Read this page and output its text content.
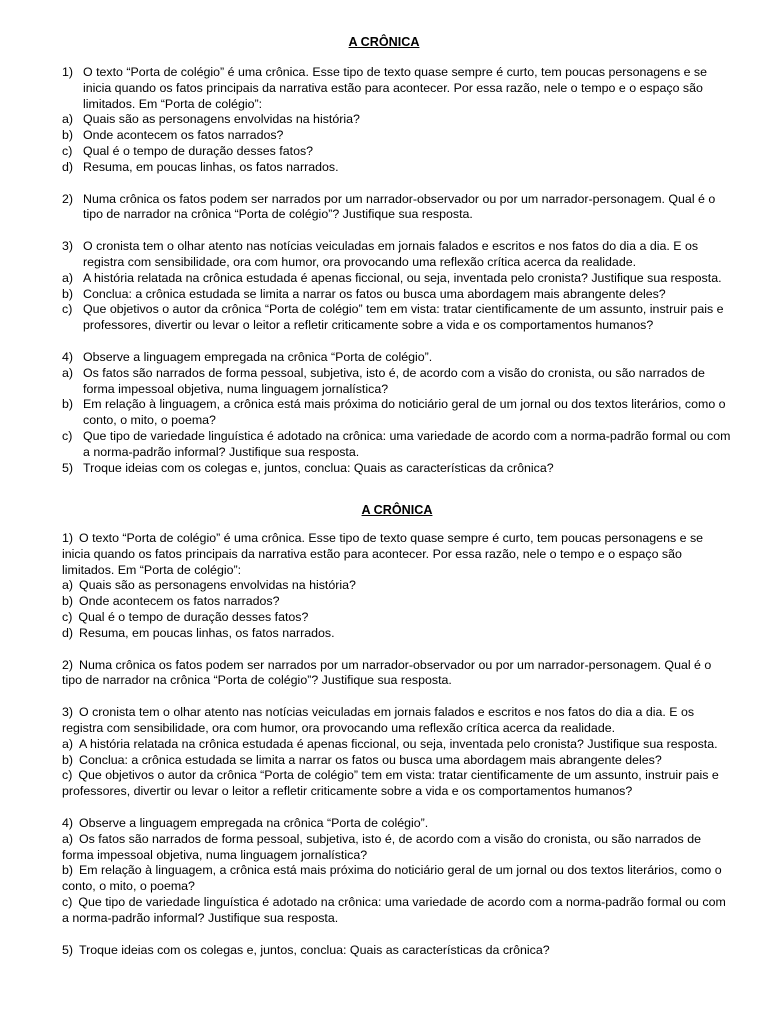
A CRÔNICA
1) O texto “Porta de colégio” é uma crônica. Esse tipo de texto quase sempre é curto, tem poucas personagens e se inicia quando os fatos principais da narrativa estão para acontecer. Por essa razão, nele o tempo e o espaço são limitados. Em “Porta de colégio”:
a) Quais são as personagens envolvidas na história?
b) Onde acontecem os fatos narrados?
c) Qual é o tempo de duração desses fatos?
d) Resuma, em poucas linhas, os fatos narrados.
2) Numa crônica os fatos podem ser narrados por um narrador-observador ou por um narrador-personagem. Qual é o tipo de narrador na crônica “Porta de colégio”? Justifique sua resposta.
3) O cronista tem o olhar atento nas notícias veiculadas em jornais falados e escritos e nos fatos do dia a dia. E os registra com sensibilidade, ora com humor, ora provocando uma reflexão crítica acerca da realidade.
a) A história relatada na crônica estudada é apenas ficcional, ou seja, inventada pelo cronista? Justifique sua resposta.
b) Conclua: a crônica estudada se limita a narrar os fatos ou busca uma abordagem mais abrangente deles?
c) Que objetivos o autor da crônica “Porta de colégio” tem em vista: tratar cientificamente de um assunto, instruir pais e professores, divertir ou levar o leitor a refletir criticamente sobre a vida e os comportamentos humanos?
4) Observe a linguagem empregada na crônica “Porta de colégio”.
a) Os fatos são narrados de forma pessoal, subjetiva, isto é, de acordo com a visão do cronista, ou são narrados de forma impessoal objetiva, numa linguagem jornalística?
b) Em relação à linguagem, a crônica está mais próxima do noticiário geral de um jornal ou dos textos literários, como o conto, o mito, o poema?
c) Que tipo de variedade linguística é adotado na crônica: uma variedade de acordo com a norma-padrão formal ou com a norma-padrão informal? Justifique sua resposta.
5) Troque ideias com os colegas e, juntos, conclua: Quais as características da crônica?
A CRÔNICA
1) O texto “Porta de colégio” é uma crônica. Esse tipo de texto quase sempre é curto, tem poucas personagens e se inicia quando os fatos principais da narrativa estão para acontecer. Por essa razão, nele o tempo e o espaço são limitados. Em “Porta de colégio”:
a) Quais são as personagens envolvidas na história?
b) Onde acontecem os fatos narrados?
c) Qual é o tempo de duração desses fatos?
d) Resuma, em poucas linhas, os fatos narrados.
2) Numa crônica os fatos podem ser narrados por um narrador-observador ou por um narrador-personagem. Qual é o tipo de narrador na crônica “Porta de colégio”? Justifique sua resposta.
3) O cronista tem o olhar atento nas notícias veiculadas em jornais falados e escritos e nos fatos do dia a dia. E os registra com sensibilidade, ora com humor, ora provocando uma reflexão crítica acerca da realidade.
a) A história relatada na crônica estudada é apenas ficcional, ou seja, inventada pelo cronista? Justifique sua resposta.
b) Conclua: a crônica estudada se limita a narrar os fatos ou busca uma abordagem mais abrangente deles?
c) Que objetivos o autor da crônica “Porta de colégio” tem em vista: tratar cientificamente de um assunto, instruir pais e professores, divertir ou levar o leitor a refletir criticamente sobre a vida e os comportamentos humanos?
4) Observe a linguagem empregada na crônica “Porta de colégio”.
a) Os fatos são narrados de forma pessoal, subjetiva, isto é, de acordo com a visão do cronista, ou são narrados de forma impessoal objetiva, numa linguagem jornalística?
b) Em relação à linguagem, a crônica está mais próxima do noticiário geral de um jornal ou dos textos literários, como o conto, o mito, o poema?
c) Que tipo de variedade linguística é adotado na crônica: uma variedade de acordo com a norma-padrão formal ou com a norma-padrão informal? Justifique sua resposta.
5) Troque ideias com os colegas e, juntos, conclua: Quais as características da crônica?
